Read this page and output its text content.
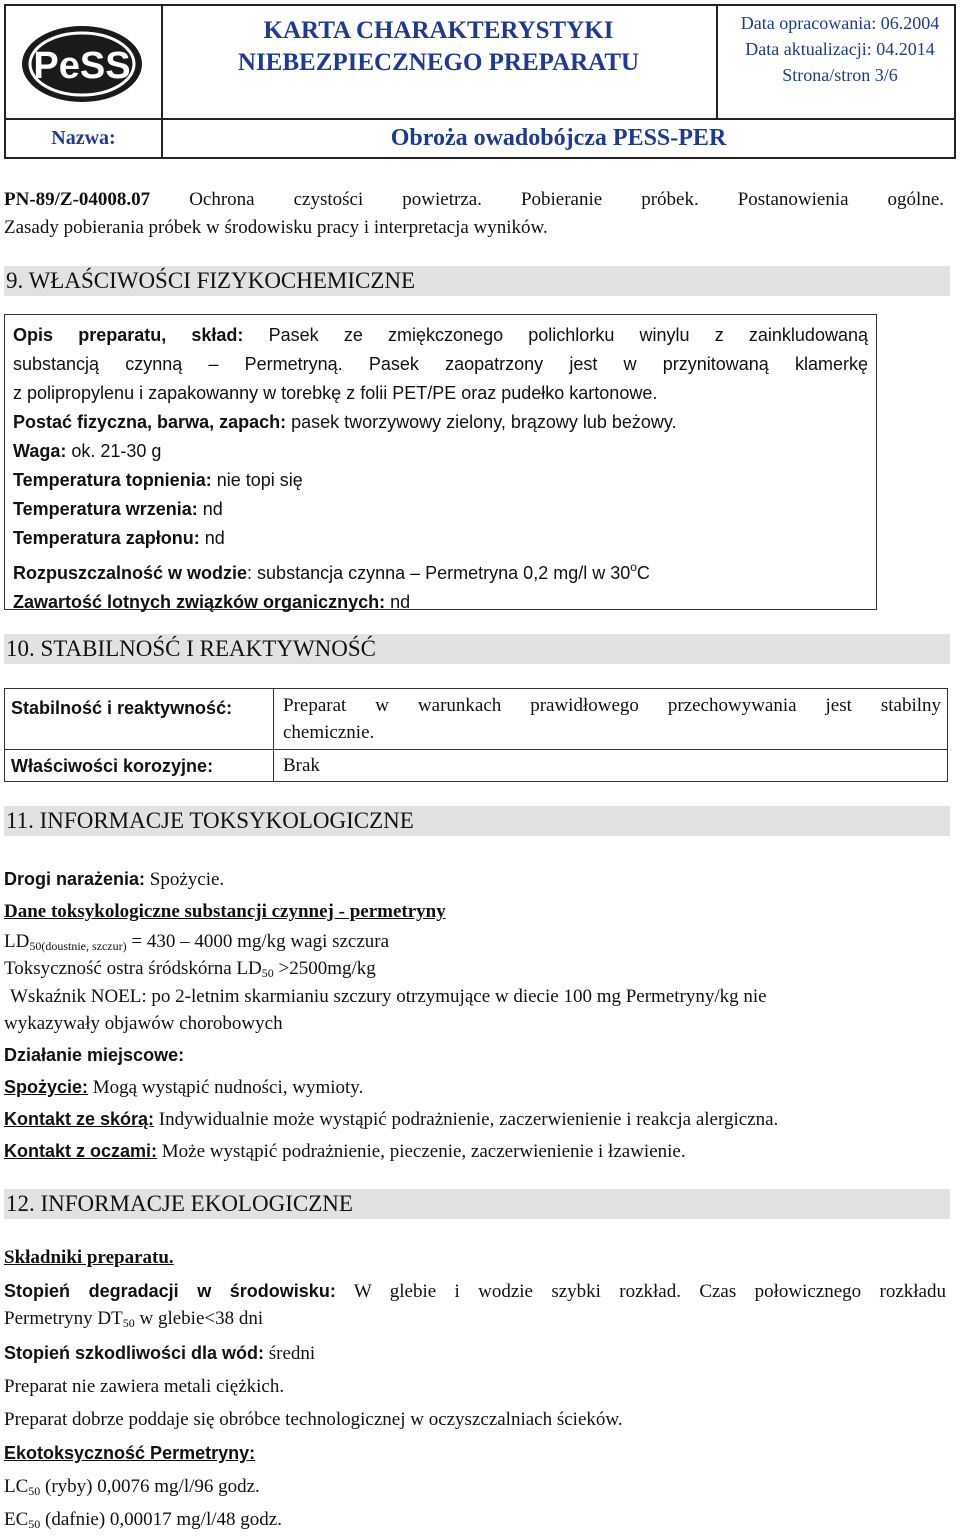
PeSS
KARTA CHARAKTERYSTYKI
NIEBEZPIECZNEGO PREPARATU
Data opracowania: 06.2004
Data aktualizacji: 04.2014
Strona/stron 3/6
Nazwa:	Obroża owadobójcza PESS-PER
PN-89/Z-04008.07 Ochrona czystości powietrza. Pobieranie próbek. Postanowienia ogólne.
Zasady pobierania próbek w środowisku pracy i interpretacja wyników.
9. WŁAŚCIWOŚCI FIZYKOCHEMICZNE
Opis preparatu, skład: Pasek ze zmiękczonego polichlorku winylu z zainkludowaną
substancją czynną – Permetryną. Pasek zaopatrzony jest w przynitowaną klamerkę
z polipropylenu i zapakowanny w torebkę z folii PET/PE oraz pudełko kartonowe.
Postać fizyczna, barwa, zapach: pasek tworzywowy zielony, brązowy lub beżowy.
Waga: ok. 21-30 g
Temperatura topnienia: nie topi się
Temperatura wrzenia: nd
Temperatura zapłonu: nd
Rozpuszczalność w wodzie: substancja czynna – Permetryna 0,2 mg/l w 30$^o$C
Zawartość lotnych związków organicznych: nd
10. STABILNOŚĆ I REAKTYWNOŚĆ
Stabilność i reaktywność:	Preparat w warunkach prawidłowego przechowywania jest stabilny
chemicznie.
Właściwości korozyjne:	Brak
11. INFORMACJE TOKSYKOLOGICZNE
Drogi narażenia: Spożycie.
Dane toksykologiczne substancji czynnej - permetryny
$LD_{50(doustnie, szczur)} = 430 - 4000$ mg/kg wagi szczura
Toksyczność ostra śródskórna $LD_{50} >2500mg/kg$
Wskaźnik NOEL: po 2-letnim skarmianiu szczury otrzymujące w diecie 100 mg Permetryny/kg nie
wykazywały objawów chorobowych
Działanie miejscowe:
Spożycie: Mogą wystąpić nudności, wymioty.
Kontakt ze skórą: Indywidualnie może wystąpić podrażnienie, zaczerwienienie i reakcja alergiczna.
Kontakt z oczami: Może wystąpić podrażnienie, pieczenie, zaczerwienienie i łzawienie.
12. INFORMACJE EKOLOGICZNE
Składniki preparatu.
Stopień degradacji w środowisku: W glebie i wodzie szybki rozkład. Czas połowicznego rozkładu
Permetryny $DT_{50}$ w glebie<38 dni
Stopień szkodliwości dla wód: średni
Preparat nie zawiera metali ciężkich.
Preparat dobrze poddaje się obróbce technologicznej w oczyszczalniach ścieków.
Ekotoksyczność Permetryny:
$LC_{50}$ (ryby) 0,0076 mg/l/96 godz.
$EC_{50}$ (dafnie) 0,00017 mg/l/48 godz.
